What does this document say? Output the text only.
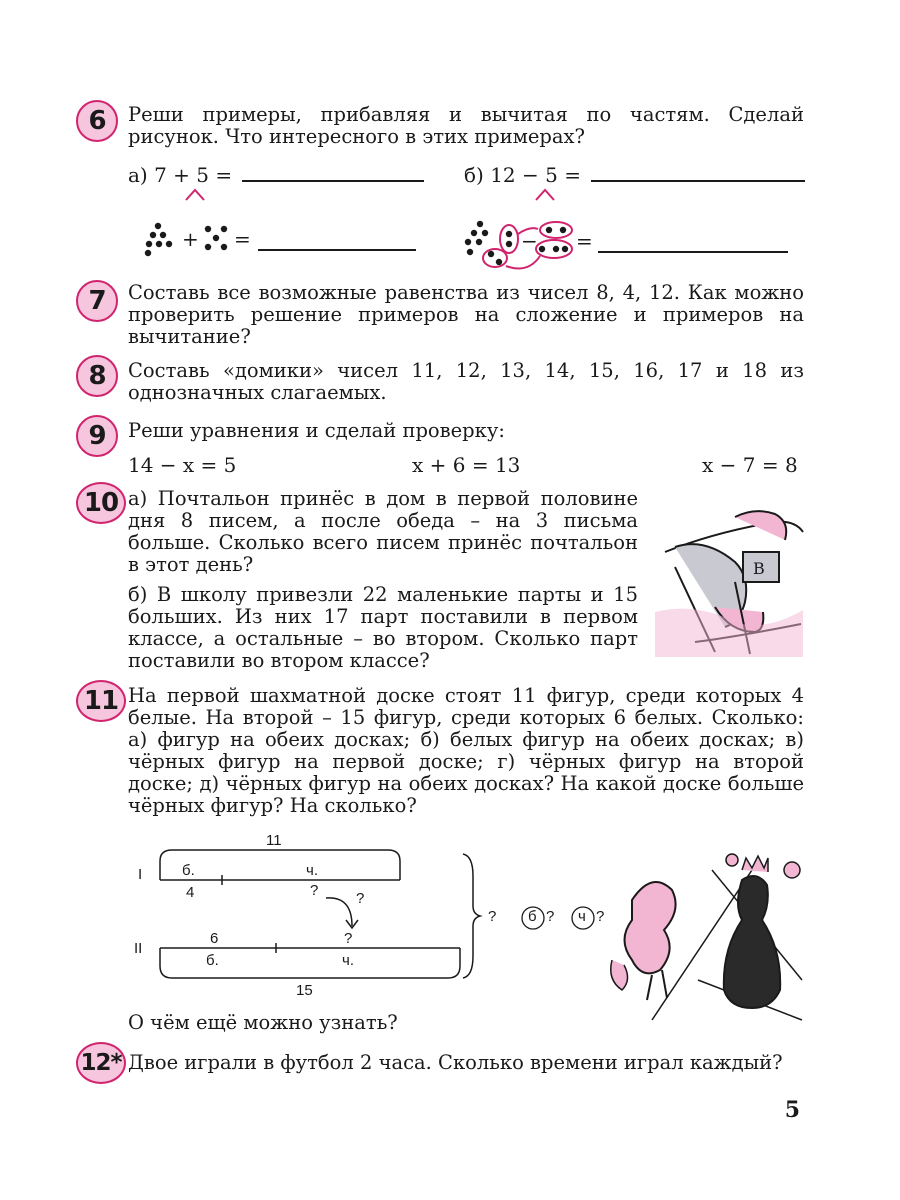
6	Реши примеры, прибавляя и вычитая по частям. Сделай рисунок. Что интересного в этих примерах?
а) 7 + 5 =	б) 12 − 5 =
+ =	− =
7	Составь все возможные равенства из чисел 8, 4, 12. Как можно проверить решение примеров на сложение и примеров на вычитание?
8	Составь «домики» чисел 11, 12, 13, 14, 15, 16, 17 и 18 из однозначных слагаемых.
9	Реши уравнения и сделай проверку:
14 − x = 5	x + 6 = 13	x − 7 = 8
10 а) Почтальон принёс в дом в первой половине дня 8 писем, а после обеда – на 3 письма больше. Сколько всего писем принёс почтальон в этот день?
б) В школу привезли 22 маленькие парты и 15 больших. Из них 17 парт поставили в первом классе, а остальные – во втором. Сколько парт поставили во втором классе?
B
11 На первой шахматной доске стоят 11 фигур, среди которых 4 белые. На второй – 15 фигур, среди которых 6 белых. Сколько: а) фигур на обеих досках; б) белых фигур на обеих досках; в) чёрных фигур на первой доске; г) чёрных фигур на второй доске; д) чёрных фигур на обеих досках? На какой доске больше чёрных фигур? На сколько?
11
I	б.	ч.
4	?	?
6	?
II
б.	ч.
15
? б ? ч ?
О чём ещё можно узнать?
12* Двое играли в футбол 2 часа. Сколько времени играл каждый?
5
